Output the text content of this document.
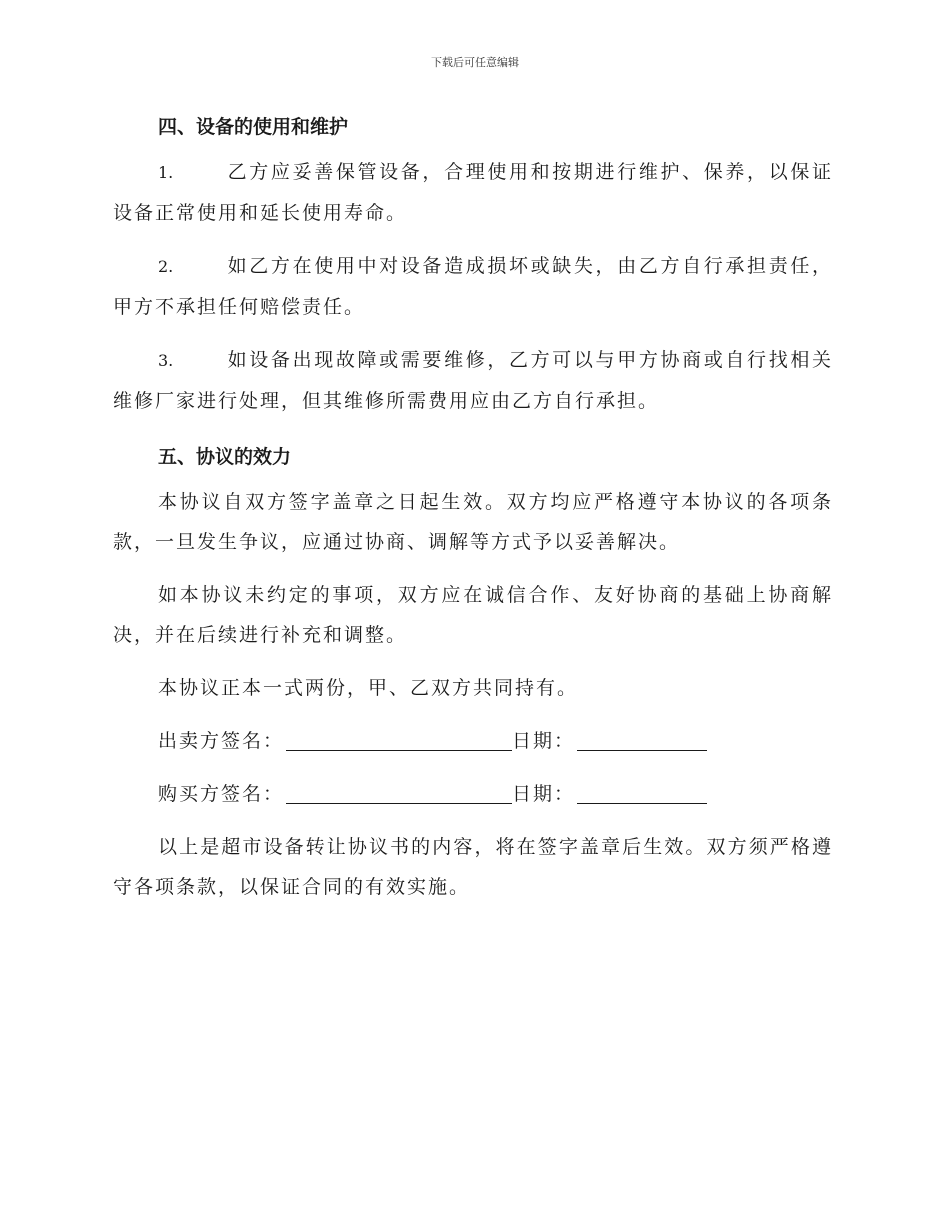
下载后可任意编辑
四、设备的使用和维护
1.	乙方应妥善保管设备，合理使用和按期进行维护、保养，以保证设备正常使用和延长使用寿命。
2.	如乙方在使用中对设备造成损坏或缺失，由乙方自行承担责任，甲方不承担任何赔偿责任。
3.	如设备出现故障或需要维修，乙方可以与甲方协商或自行找相关维修厂家进行处理，但其维修所需费用应由乙方自行承担。
五、协议的效力
本协议自双方签字盖章之日起生效。双方均应严格遵守本协议的各项条款，一旦发生争议，应通过协商、调解等方式予以妥善解决。
如本协议未约定的事项，双方应在诚信合作、友好协商的基础上协商解决，并在后续进行补充和调整。
本协议正本一式两份，甲、乙双方共同持有。
出卖方签名：	日期：
购买方签名：	日期：
以上是超市设备转让协议书的内容，将在签字盖章后生效。双方须严格遵守各项条款，以保证合同的有效实施。
